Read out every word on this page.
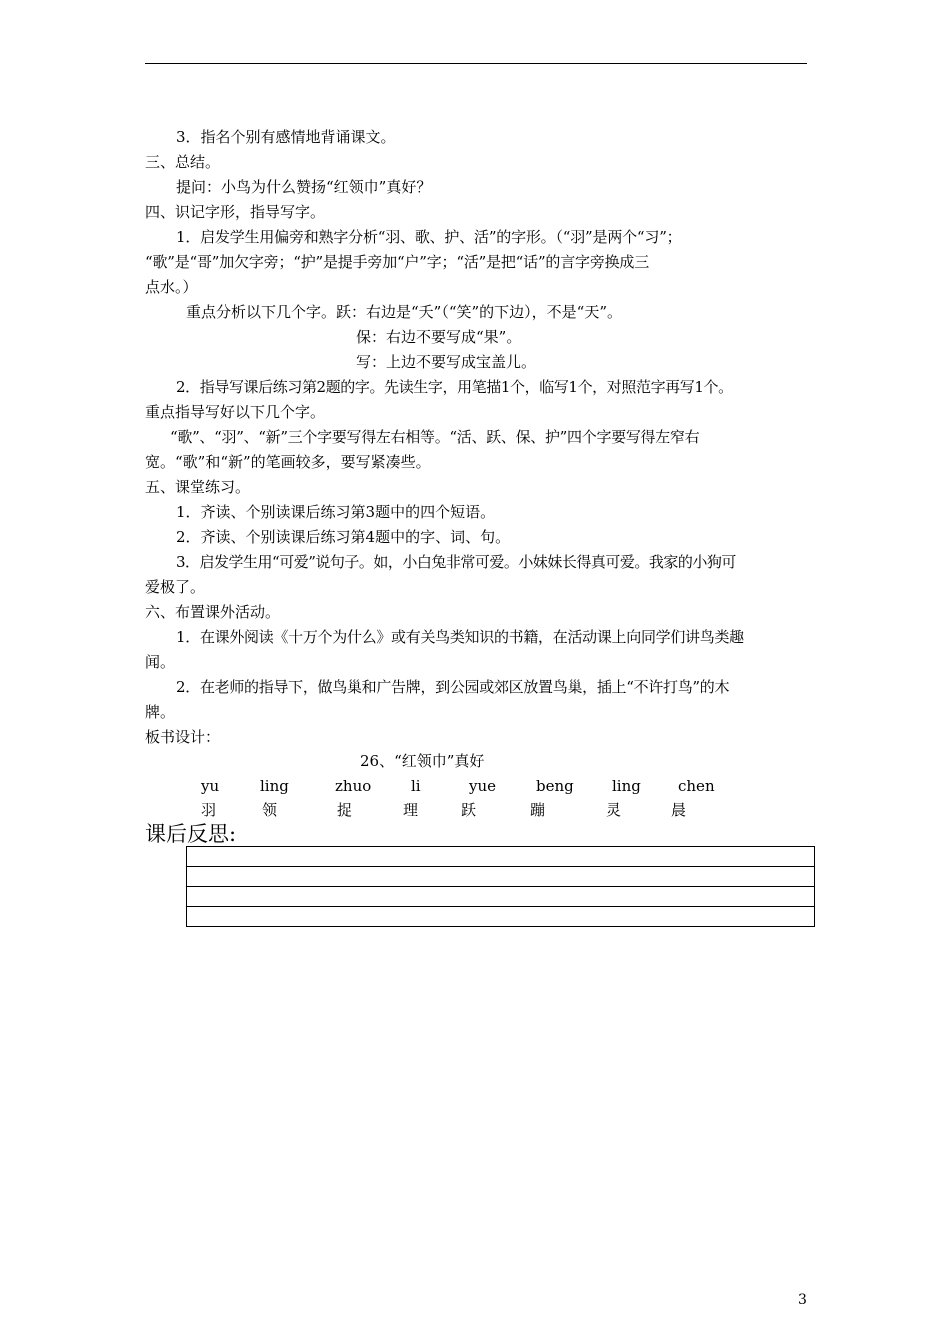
3．指名个别有感情地背诵课文。
三、总结。
提问：小鸟为什么赞扬“红领巾”真好？
四、识记字形，指导写字。
1．启发学生用偏旁和熟字分析“羽、歌、护、活”的字形。（“羽”是两个“习”；
“歌”是“哥”加欠字旁；“护”是提手旁加“户”字；“活”是把“话”的言字旁换成三
点水。）
重点分析以下几个字。跃：右边是“夭”（“笑”的下边），不是“天”。
保：右边不要写成“果”。
写：上边不要写成宝盖儿。
2．指导写课后练习第2题的字。先读生字，用笔描1个，临写1个，对照范字再写1个。
重点指导写好以下几个字。
“歌”、“羽”、“新”三个字要写得左右相等。“活、跃、保、护”四个字要写得左窄右
宽。“歌”和“新”的笔画较多，要写紧凑些。
五、课堂练习。
1．齐读、个别读课后练习第3题中的四个短语。
2．齐读、个别读课后练习第4题中的字、词、句。
3．启发学生用“可爱”说句子。如，小白兔非常可爱。小妹妹长得真可爱。我家的小狗可
爱极了。
六、布置课外活动。
1．在课外阅读《十万个为什么》或有关鸟类知识的书籍，在活动课上向同学们讲鸟类趣
闻。
2．在老师的指导下，做鸟巢和广告牌，到公园或郊区放置鸟巢，插上“不许打鸟”的木
牌。
板书设计：
26、“红领巾”真好
yu	ling	zhuo	li	yue	beng	ling chen
羽	领	捉	理	跃	蹦	灵	晨
课后反思:

3
